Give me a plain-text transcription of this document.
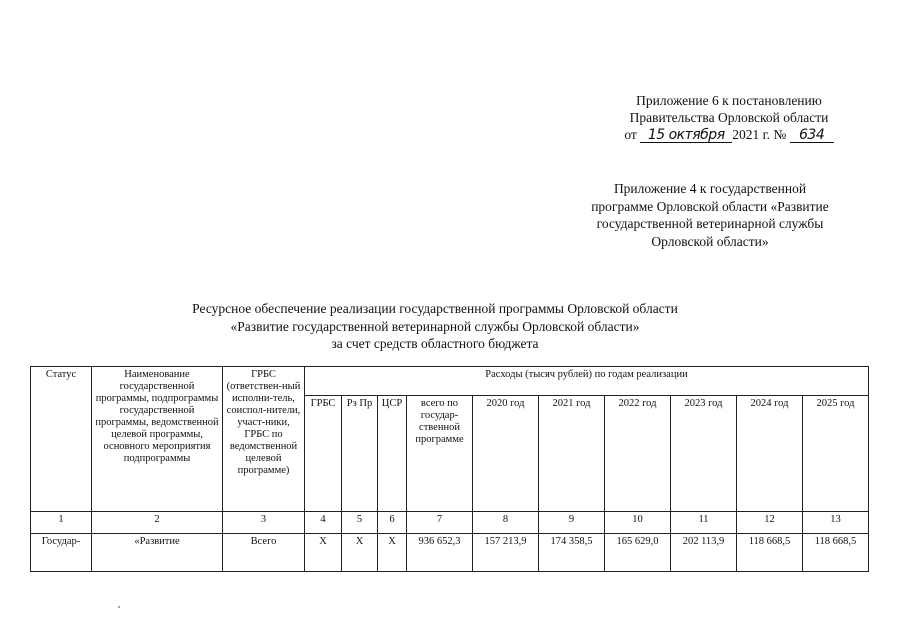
Приложение 6 к постановлению
Правительства Орловской области
от 15 октября 2021 г. № 634
Приложение 4 к государственной
программе Орловской области «Развитие
государственной ветеринарной службы
Орловской области»
Ресурсное обеспечение реализации государственной программы Орловской области
«Развитие государственной ветеринарной службы Орловской области»
за счет средств областного бюджета
Статус	Наименование государственной программы, подпрограммы государственной программы, ведомственной целевой программы, основного мероприятия подпрограммы	ГРБС (ответствен-ный исполни-тель, соиспол-нители, участ-ники, ГРБС по ведомственной целевой программе)	Расходы (тысяч рублей) по годам реализации									
			ГРБС	Рз Пр	ЦСР	всего по государ-ственной программе	2020 год	2021 год	2022 год	2023 год	2024 год	2025 год
1	2	3	4	5	6	7	8	9	10	11	12	13
Государ-	«Развитие	Всего	Х	Х	Х	936 652,3	157 213,9	174 358,5	165 629,0	202 113,9	118 668,5	118 668,5
